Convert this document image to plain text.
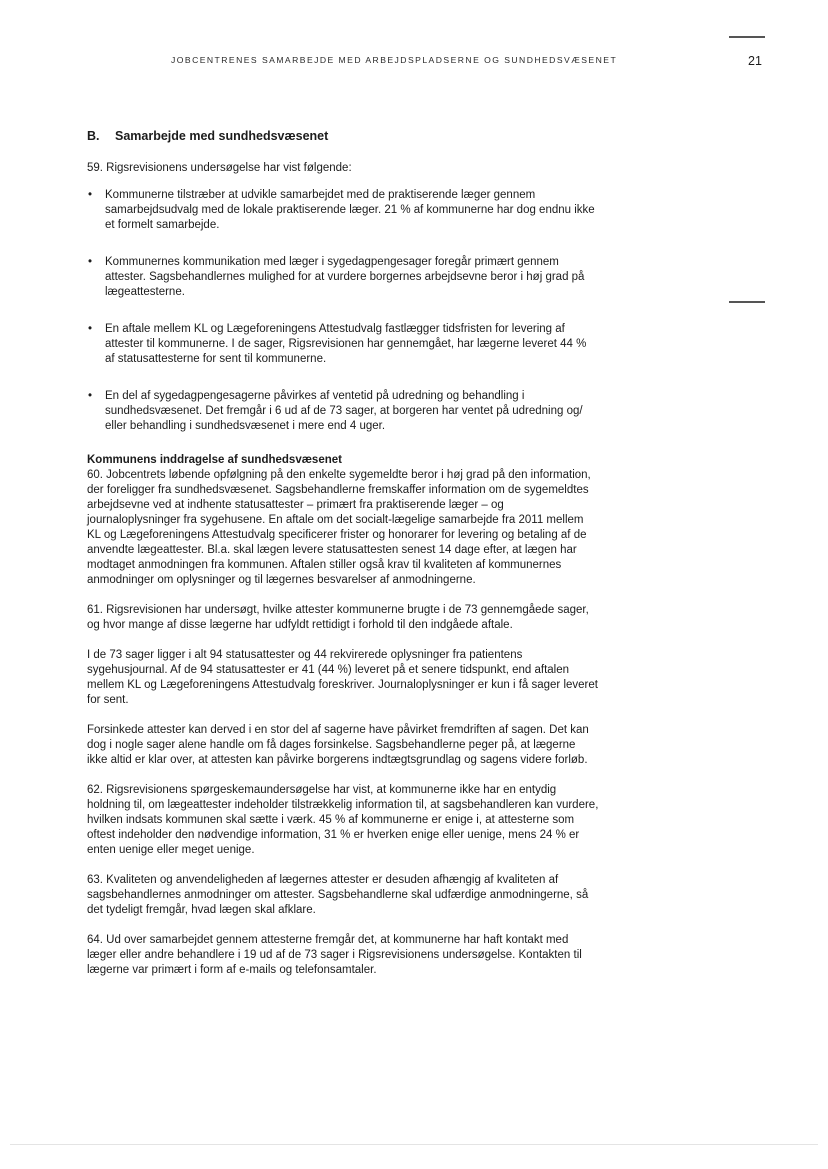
JOBCENTRENES SAMARBEJDE MED ARBEJDSPLADSERNE OG SUNDHEDSVÆSENET	21
B. Samarbejde med sundhedsvæsenet

59. Rigsrevisionens undersøgelse har vist følgende:

• Kommunerne tilstræber at udvikle samarbejdet med de praktiserende læger gennem samarbejdsudvalg med de lokale praktiserende læger. 21 % af kommunerne har dog endnu ikke et formelt samarbejde.
• Kommunernes kommunikation med læger i sygedagpengesager foregår primært gennem attester. Sagsbehandlernes mulighed for at vurdere borgernes arbejdsevne beror i høj grad på lægeattesterne.
• En aftale mellem KL og Lægeforeningens Attestudvalg fastlægger tidsfristen for levering af attester til kommunerne. I de sager, Rigsrevisionen har gennemgået, har lægerne leveret 44 % af statusattesterne for sent til kommunerne.
• En del af sygedagpengesagerne påvirkes af ventetid på udredning og behandling i sundhedsvæsenet. Det fremgår i 6 ud af de 73 sager, at borgeren har ventet på udredning og/ eller behandling i sundhedsvæsenet i mere end 4 uger.
Kommunens inddragelse af sundhedsvæsenet

60. Jobcentrets løbende opfølgning på den enkelte sygemeldte beror i høj grad på den information, der foreligger fra sundhedsvæsenet. Sagsbehandlerne fremskaffer information om de sygemeldtes arbejdsevne ved at indhente statusattester – primært fra praktiserende læger – og journaloplysninger fra sygehusene. En aftale om det socialt-lægelige samarbejde fra 2011 mellem KL og Lægeforeningens Attestudvalg specificerer frister og honorarer for levering og betaling af de anvendte lægeattester. Bl.a. skal lægen levere statusattesten senest 14 dage efter, at lægen har modtaget anmodningen fra kommunen. Aftalen stiller også krav til kvaliteten af kommunernes anmodninger om oplysninger og til lægernes besvarelser af anmodningerne.

61. Rigsrevisionen har undersøgt, hvilke attester kommunerne brugte i de 73 gennemgåede sager, og hvor mange af disse lægerne har udfyldt rettidigt i forhold til den indgåede aftale.

I de 73 sager ligger i alt 94 statusattester og 44 rekvirerede oplysninger fra patientens sygehusjournal. Af de 94 statusattester er 41 (44 %) leveret på et senere tidspunkt, end aftalen mellem KL og Lægeforeningens Attestudvalg foreskriver. Journaloplysninger er kun i få sager leveret for sent.

Forsinkede attester kan derved i en stor del af sagerne have påvirket fremdriften af sagen. Det kan dog i nogle sager alene handle om få dages forsinkelse. Sagsbehandlerne peger på, at lægerne ikke altid er klar over, at attesten kan påvirke borgerens indtægtsgrundlag og sagens videre forløb.

62. Rigsrevisionens spørgeskemaundersøgelse har vist, at kommunerne ikke har en entydig holdning til, om lægeattester indeholder tilstrækkelig information til, at sagsbehandleren kan vurdere, hvilken indsats kommunen skal sætte i værk. 45 % af kommunerne er enige i, at attesterne som oftest indeholder den nødvendige information, 31 % er hverken enige eller uenige, mens 24 % er enten uenige eller meget uenige.

63. Kvaliteten og anvendeligheden af lægernes attester er desuden afhængig af kvaliteten af sagsbehandlernes anmodninger om attester. Sagsbehandlerne skal udfærdige anmodningerne, så det tydeligt fremgår, hvad lægen skal afklare.

64. Ud over samarbejdet gennem attesterne fremgår det, at kommunerne har haft kontakt med læger eller andre behandlere i 19 ud af de 73 sager i Rigsrevisionens undersøgelse. Kontakten til lægerne var primært i form af e-mails og telefonsamtaler.
